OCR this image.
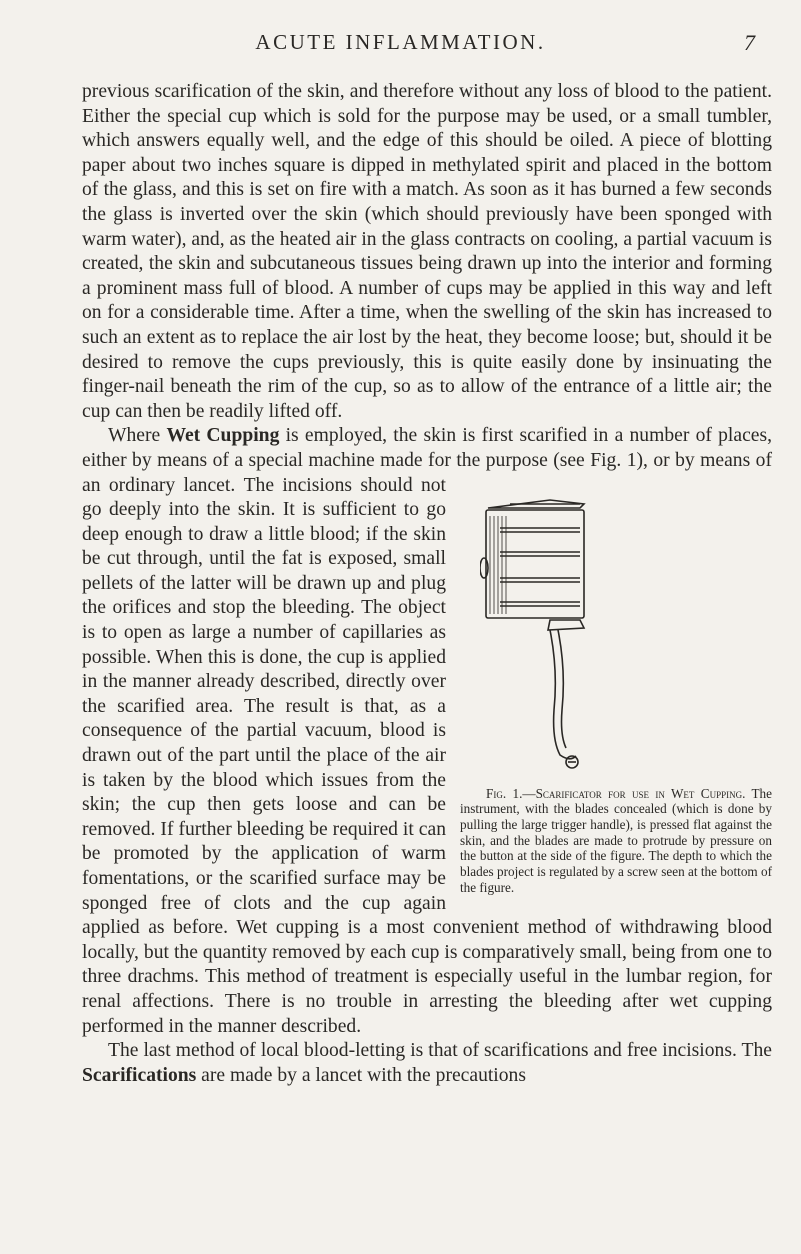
ACUTE INFLAMMATION.	7

previous scarification of the skin, and therefore without any loss of blood to the patient. Either the special cup which is sold for the purpose may be used, or a small tumbler, which answers equally well, and the edge of this should be oiled. A piece of blotting paper about two inches square is dipped in methylated spirit and placed in the bottom of the glass, and this is set on fire with a match. As soon as it has burned a few seconds the glass is inverted over the skin (which should previously have been sponged with warm water), and, as the heated air in the glass contracts on cooling, a partial vacuum is created, the skin and subcutaneous tissues being drawn up into the interior and forming a prominent mass full of blood. A number of cups may be applied in this way and left on for a considerable time. After a time, when the swelling of the skin has increased to such an extent as to replace the air lost by the heat, they become loose; but, should it be desired to remove the cups previously, this is quite easily done by insinuating the finger-nail beneath the rim of the cup, so as to allow of the entrance of a little air; the cup can then be readily lifted off.

Where Wet Cupping is employed, the skin is first scarified in a number of places, either by means of a special machine made for the purpose (see Fig. 1), or by means of an ordinary lancet.
Fig. 1.—Scarificator for use in Wet Cupping. The instrument, with the blades concealed (which is done by pulling the large trigger handle), is pressed flat against the skin, and the blades are made to protrude by pressure on the button at the side of the figure. The depth to which the blades project is regulated by a screw seen at the bottom of the figure.
The incisions should not go deeply into the skin. It is sufficient to go deep enough to draw a little blood; if the skin be cut through, until the fat is exposed, small pellets of the latter will be drawn up and plug the orifices and stop the bleeding. The object is to open as large a number of capillaries as possible. When this is done, the cup is applied in the manner already described, directly over the scarified area. The result is that, as a consequence of the partial vacuum, blood is drawn out of the part until the place of the air is taken by the blood which issues from the skin; the cup then gets loose and can be removed. If further bleeding be required it can be promoted by the application of warm fomentations, or the scarified surface may be sponged free of clots and the cup again applied as before. Wet cupping is a most convenient method of withdrawing blood locally, but the quantity removed by each cup is comparatively small, being from one to three drachms. This method of treatment is especially useful in the lumbar region, for renal affections. There is no trouble in arresting the bleeding after wet cupping performed in the manner described.

The last method of local blood-letting is that of scarifications and free incisions. The Scarifications are made by a lancet with the precautions
